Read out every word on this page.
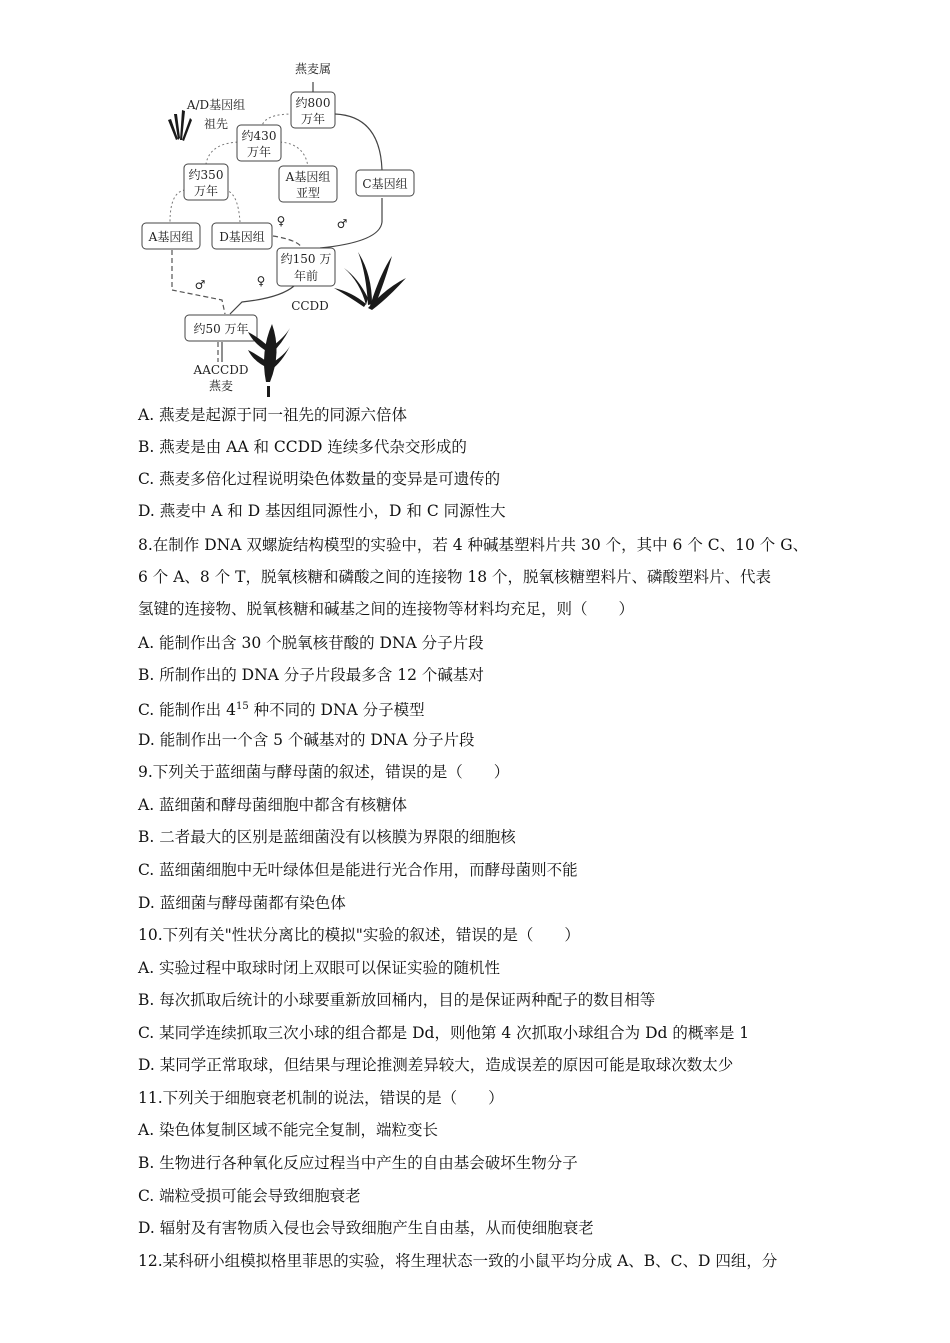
燕麦属
A/D基因组
祖先
约800
万年
约430
万年
约350
万年
A基因组
亚型
C基因组
A基因组 D基因组
♀	♂
约150 万
年前
♂	♀
CCDD
约50 万年
AACCDD
燕麦
A. 燕麦是起源于同一祖先的同源六倍体
B. 燕麦是由 AA 和 CCDD 连续多代杂交形成的
C. 燕麦多倍化过程说明染色体数量的变异是可遗传的
D. 燕麦中 A 和 D 基因组同源性小，D 和 C 同源性大
8.在制作 DNA 双螺旋结构模型的实验中，若 4 种碱基塑料片共 30 个，其中 6 个 C、10 个 G、
6 个 A、8 个 T，脱氧核糖和磷酸之间的连接物 18 个，脱氧核糖塑料片、磷酸塑料片、代表
氢键的连接物、脱氧核糖和碱基之间的连接物等材料均充足，则（　　）
A. 能制作出含 30 个脱氧核苷酸的 DNA 分子片段
B. 所制作出的 DNA 分子片段最多含 12 个碱基对
C. 能制作出 $4^{15}$ 种不同的 DNA 分子模型
D. 能制作出一个含 5 个碱基对的 DNA 分子片段
9.下列关于蓝细菌与酵母菌的叙述，错误的是（　　）
A. 蓝细菌和酵母菌细胞中都含有核糖体
B. 二者最大的区别是蓝细菌没有以核膜为界限的细胞核
C. 蓝细菌细胞中无叶绿体但是能进行光合作用，而酵母菌则不能
D. 蓝细菌与酵母菌都有染色体
10.下列有关"性状分离比的模拟"实验的叙述，错误的是（　　）
A. 实验过程中取球时闭上双眼可以保证实验的随机性
B. 每次抓取后统计的小球要重新放回桶内，目的是保证两种配子的数目相等
C. 某同学连续抓取三次小球的组合都是 Dd，则他第 4 次抓取小球组合为 Dd 的概率是 1
D. 某同学正常取球，但结果与理论推测差异较大，造成误差的原因可能是取球次数太少
11.下列关于细胞衰老机制的说法，错误的是（　　）
A. 染色体复制区域不能完全复制，端粒变长
B. 生物进行各种氧化反应过程当中产生的自由基会破坏生物分子
C. 端粒受损可能会导致细胞衰老
D. 辐射及有害物质入侵也会导致细胞产生自由基，从而使细胞衰老
12.某科研小组模拟格里菲思的实验，将生理状态一致的小鼠平均分成 A、B、C、D 四组，分
